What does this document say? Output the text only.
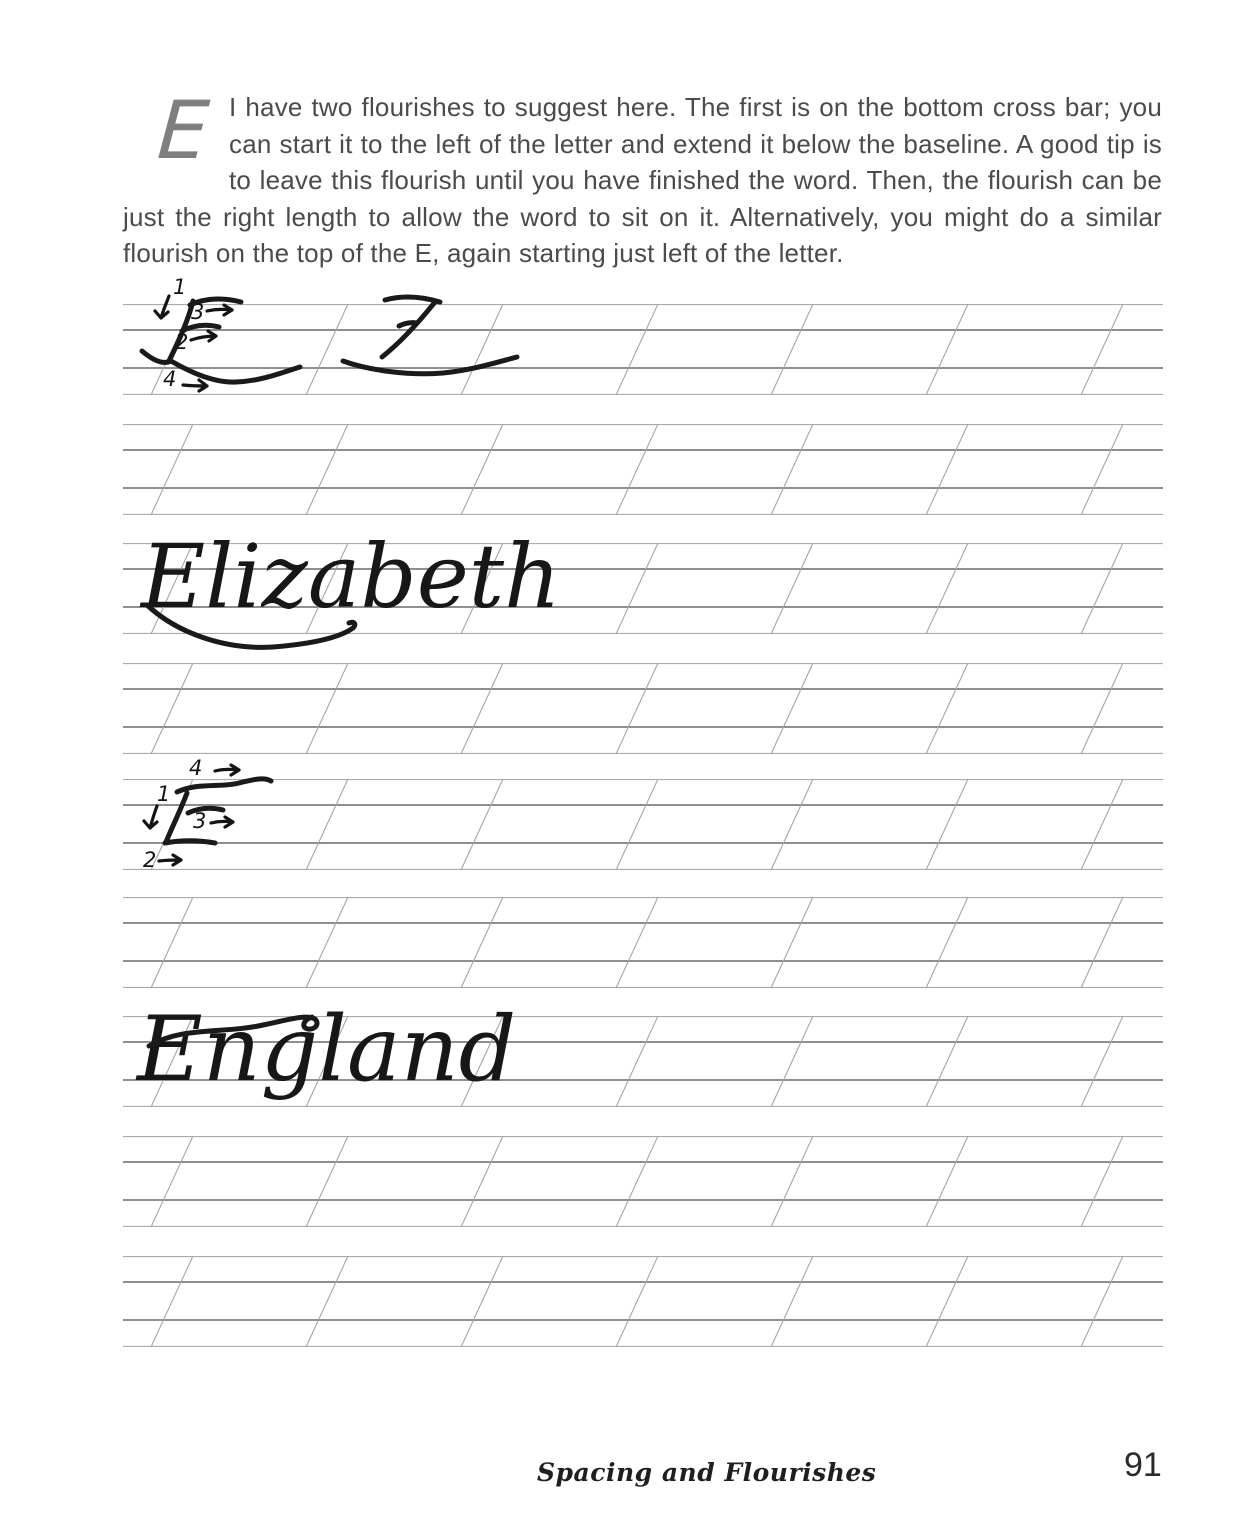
E I have two flourishes to suggest here. The first is on the bottom cross bar; you can start it to the left of the letter and extend it below the baseline. A good tip is to leave this flourish until you have finished the word. Then, the flourish can be just the right length to allow the word to sit on it. Alternatively, you might do a similar flourish on the top of the E, again starting just left of the letter.
1
3
2
4
Elizabeth
4
1
3
2
England
Spacing and Flourishes	91
